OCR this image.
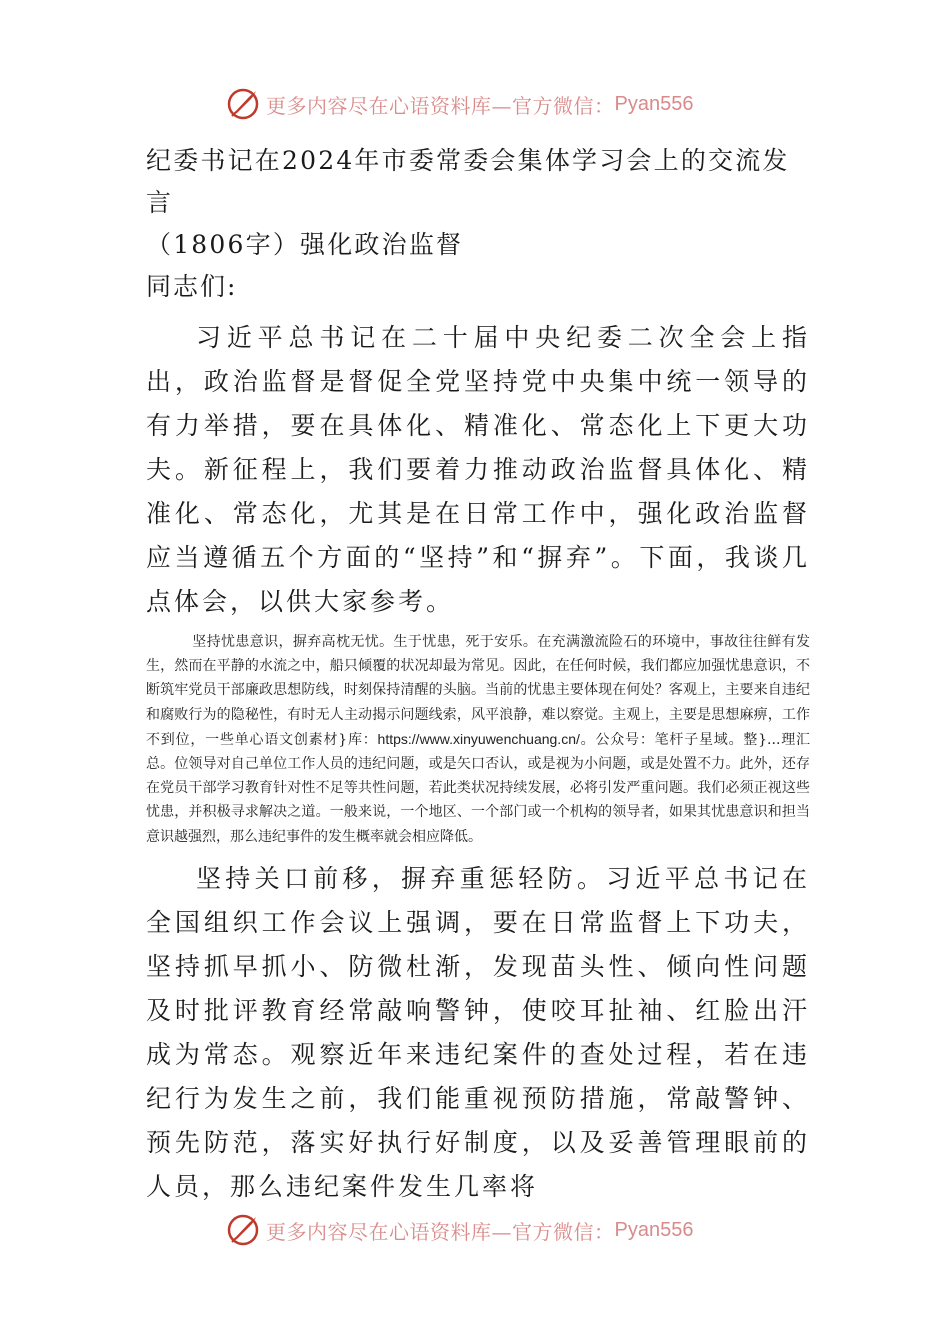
更多内容尽在心语资料库—官方微信： Pyan556

纪委书记在2024年市委常委会集体学习会上的交流发言
（1806字）强化政治监督

同志们:

习近平总书记在二十届中央纪委二次全会上指出，政治监督是督促全党坚持党中央集中统一领导的有力举措，要在具体化、精准化、常态化上下更大功夫。新征程上，我们要着力推动政治监督具体化、精准化、常态化，尤其是在日常工作中，强化政治监督应当遵循五个方面的“坚持”和“摒弃”。下面，我谈几点体会，以供大家参考。

坚持忧患意识，摒弃高枕无忧。生于忧患，死于安乐。在充满激流险石的环境中，事故往往鲜有发生，然而在平静的水流之中，船只倾覆的状况却最为常见。因此，在任何时候，我们都应加强忧患意识，不断筑牢党员干部廉政思想防线，时刻保持清醒的头脑。当前的忧患主要体现在何处？客观上，主要来自违纪和腐败行为的隐秘性，有时无人主动揭示问题线索，风平浪静，难以察觉。主观上，主要是思想麻痹，工作不到位，一些单心语文创素材}库：https://www.xinyuwenchuang.cn/。公众号：笔杆子星域。整}...理汇总。位领导对自己单位工作人员的违纪问题，或是矢口否认，或是视为小问题，或是处置不力。此外，还存在党员干部学习教育针对性不足等共性问题，若此类状况持续发展，必将引发严重问题。我们必须正视这些忧患，并积极寻求解决之道。一般来说，一个地区、一个部门或一个机构的领导者，如果其忧患意识和担当意识越强烈，那么违纪事件的发生概率就会相应降低。

坚持关口前移，摒弃重惩轻防。习近平总书记在全国组织工作会议上强调，要在日常监督上下功夫，坚持抓早抓小、防微杜渐，发现苗头性、倾向性问题及时批评教育经常敲响警钟，使咬耳扯袖、红脸出汗成为常态。观察近年来违纪案件的查处过程，若在违纪行为发生之前，我们能重视预防措施，常敲警钟、预先防范，落实好执行好制度，以及妥善管理眼前的人员，那么违纪案件发生几率将

更多内容尽在心语资料库—官方微信： Pyan556
